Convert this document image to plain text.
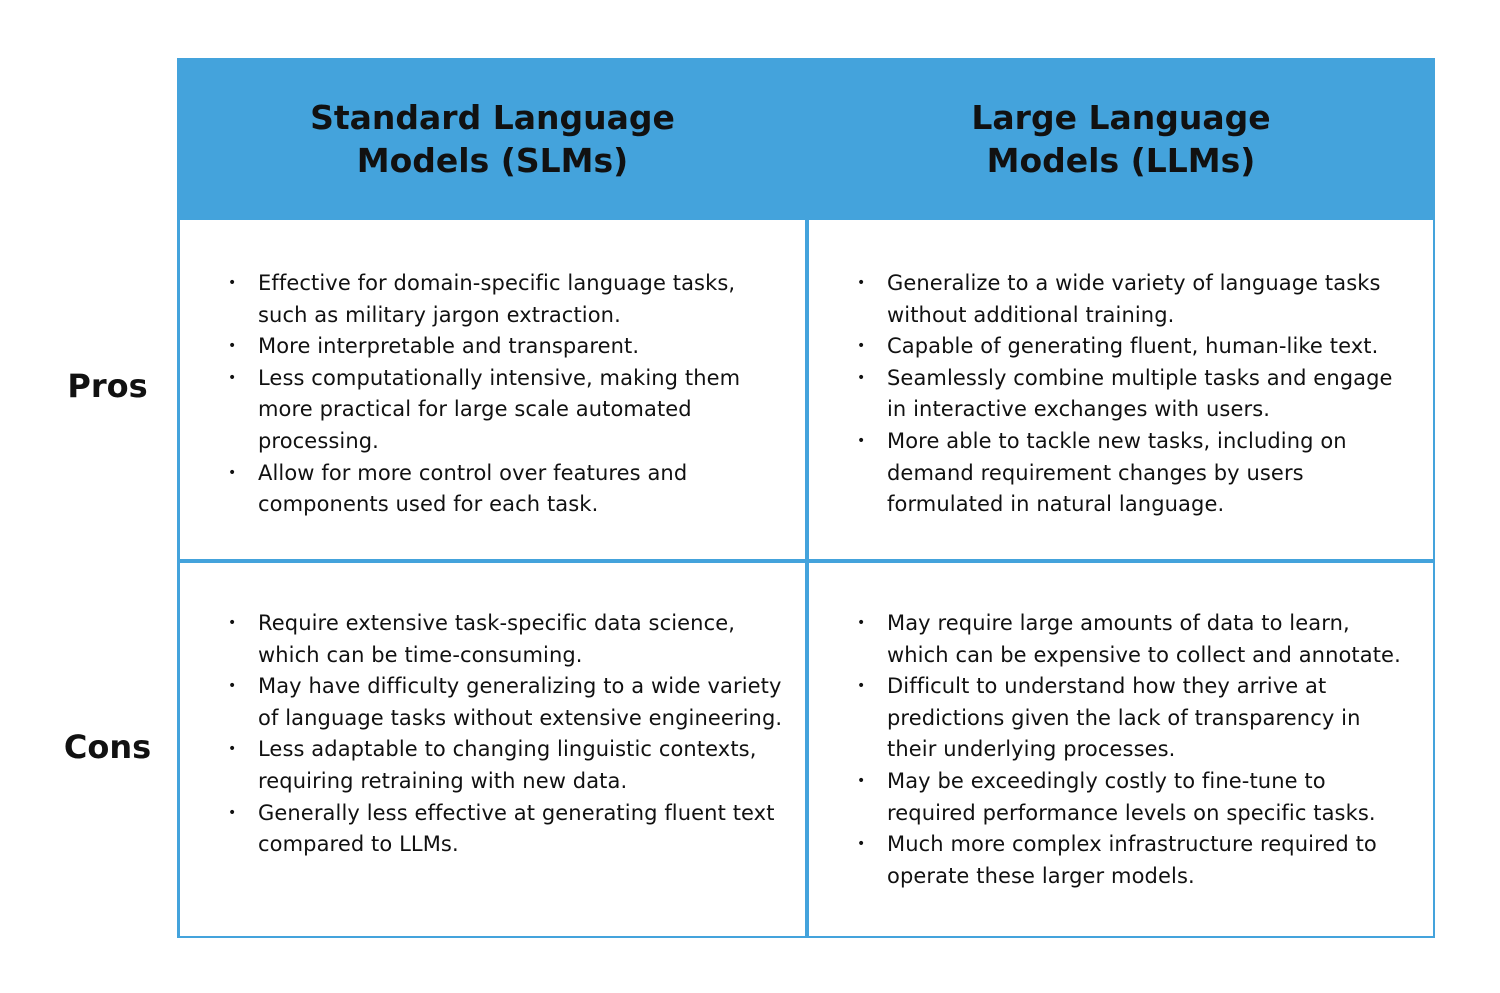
Pros
Cons
Standard Language
Models (SLMs)
Large Language
Models (LLMs)
• Effective for domain-specific language tasks, such as military jargon extraction.
• More interpretable and transparent.
• Less computationally intensive, making them more practical for large scale automated processing.
• Allow for more control over features and components used for each task.
• Generalize to a wide variety of language tasks without additional training.
• Capable of generating fluent, human-like text.
• Seamlessly combine multiple tasks and engage in interactive exchanges with users.
• More able to tackle new tasks, including on demand requirement changes by users formulated in natural language.
• Require extensive task-specific data science, which can be time-consuming.
• May have difficulty generalizing to a wide variety of language tasks without extensive engineering.
• Less adaptable to changing linguistic contexts, requiring retraining with new data.
• Generally less effective at generating fluent text compared to LLMs.
• May require large amounts of data to learn, which can be expensive to collect and annotate.
• Difficult to understand how they arrive at predictions given the lack of transparency in their underlying processes.
• May be exceedingly costly to fine-tune to required performance levels on specific tasks.
• Much more complex infrastructure required to operate these larger models.
